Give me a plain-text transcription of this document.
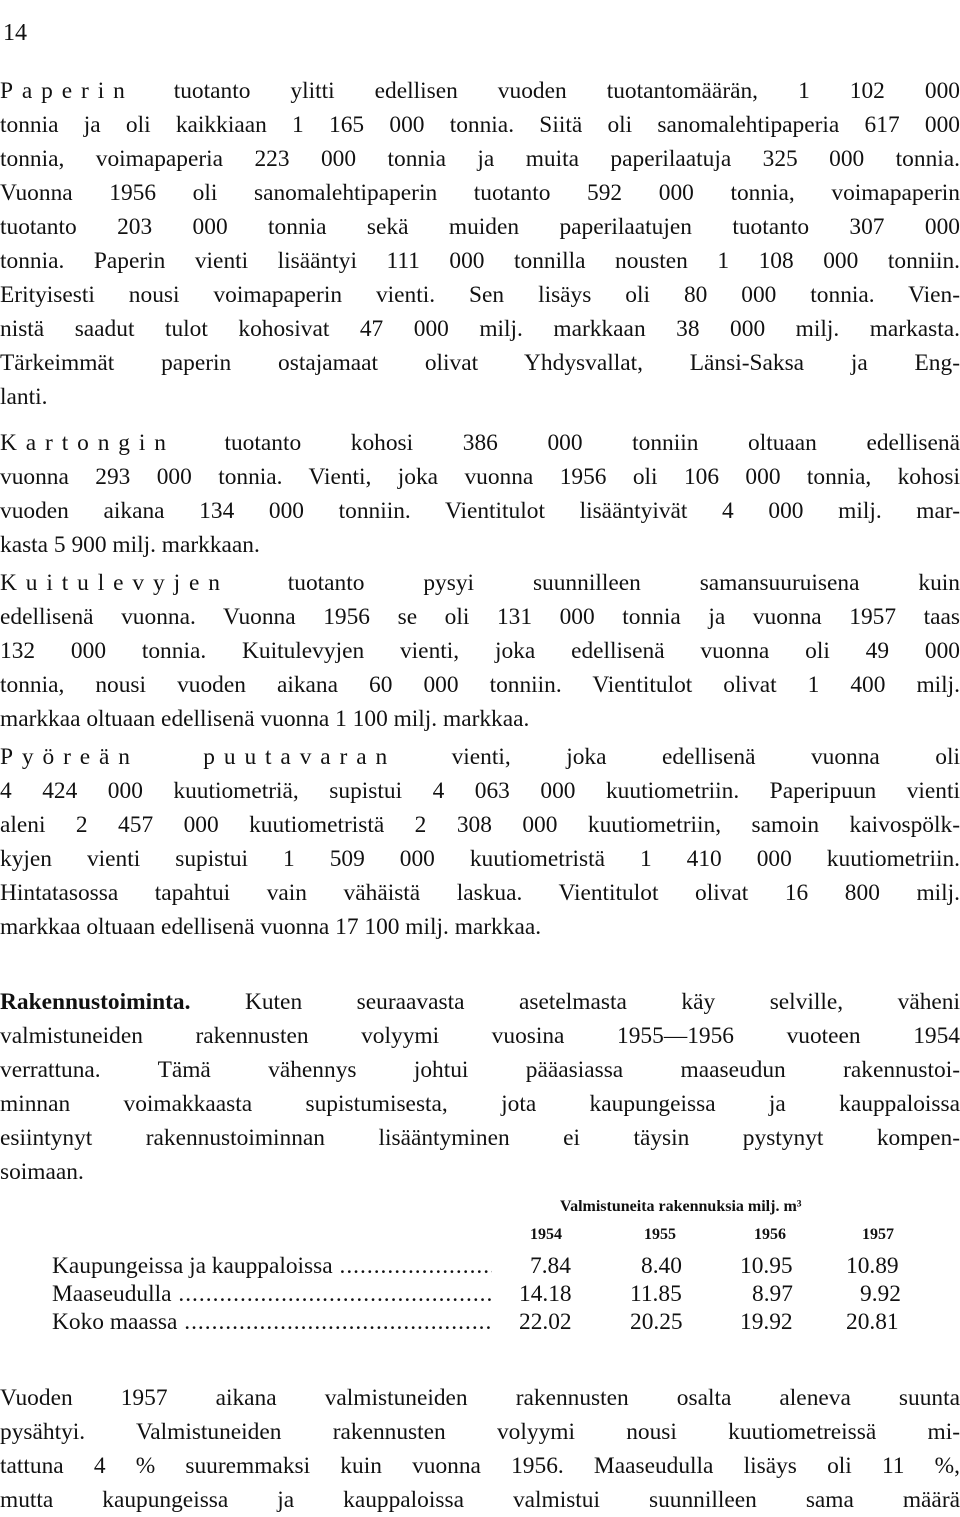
14
Paperin tuotanto ylitti edellisen vuoden tuotantomäärän, 1 102 000
tonnia ja oli kaikkiaan 1 165 000 tonnia. Siitä oli sanomalehtipaperia 617 000
tonnia, voimapaperia 223 000 tonnia ja muita paperilaatuja 325 000 tonnia.
Vuonna 1956 oli sanomalehtipaperin tuotanto 592 000 tonnia, voimapaperin
tuotanto 203 000 tonnia sekä muiden paperilaatujen tuotanto 307 000
tonnia. Paperin vienti lisääntyi 111 000 tonnilla nousten 1 108 000 tonniin.
Erityisesti nousi voimapaperin vienti. Sen lisäys oli 80 000 tonnia. Vien-
nistä saadut tulot kohosivat 47 000 milj. markkaan 38 000 milj. markasta.
Tärkeimmät paperin ostajamaat olivat Yhdysvallat, Länsi-Saksa ja Eng-
lanti.
Kartongin tuotanto kohosi 386 000 tonniin oltuaan edellisenä
vuonna 293 000 tonnia. Vienti, joka vuonna 1956 oli 106 000 tonnia, kohosi
vuoden aikana 134 000 tonniin. Vientitulot lisääntyivät 4 000 milj. mar-
kasta 5 900 milj. markkaan.
Kuitulevyjen tuotanto pysyi suunnilleen samansuuruisena kuin
edellisenä vuonna. Vuonna 1956 se oli 131 000 tonnia ja vuonna 1957 taas
132 000 tonnia. Kuitulevyjen vienti, joka edellisenä vuonna oli 49 000
tonnia, nousi vuoden aikana 60 000 tonniin. Vientitulot olivat 1 400 milj.
markkaa oltuaan edellisenä vuonna 1 100 milj. markkaa.
Pyöreän puutavaran vienti, joka edellisenä vuonna oli
4 424 000 kuutiometriä, supistui 4 063 000 kuutiometriin. Paperipuun vienti
aleni 2 457 000 kuutiometristä 2 308 000 kuutiometriin, samoin kaivospölk-
kyjen vienti supistui 1 509 000 kuutiometristä 1 410 000 kuutiometriin.
Hintatasossa tapahtui vain vähäistä laskua. Vientitulot olivat 16 800 milj.
markkaa oltuaan edellisenä vuonna 17 100 milj. markkaa.
Rakennustoiminta. Kuten seuraavasta asetelmasta käy selville, väheni
valmistuneiden rakennusten volyymi vuosina 1955—1956 vuoteen 1954
verrattuna. Tämä vähennys johtui pääasiassa maaseudun rakennustoi-
minnan voimakkaasta supistumisesta, jota kaupungeissa ja kauppaloissa
esiintynyt rakennustoiminnan lisääntyminen ei täysin pystynyt kompen-
soimaan.
Vuoden 1957 aikana valmistuneiden rakennusten osalta aleneva suunta
pysähtyi. Valmistuneiden rakennusten volyymi nousi kuutiometreissä mi-
tattuna 4 % suuremmaksi kuin vuonna 1956. Maaseudulla lisäys oli 11 %,
mutta kaupungeissa ja kauppaloissa valmistui suunnilleen sama määrä
Valmistuneita rakennuksia milj. m³
1954	1955	1956	1957
Kaupungeissa ja kauppaloissa .....	7.84	8.40 10.95 10.89
Maaseudulla .....	14.18 11.85	8.97	9.92
Koko maassa .....	22.02 20.25 19.92 20.81
